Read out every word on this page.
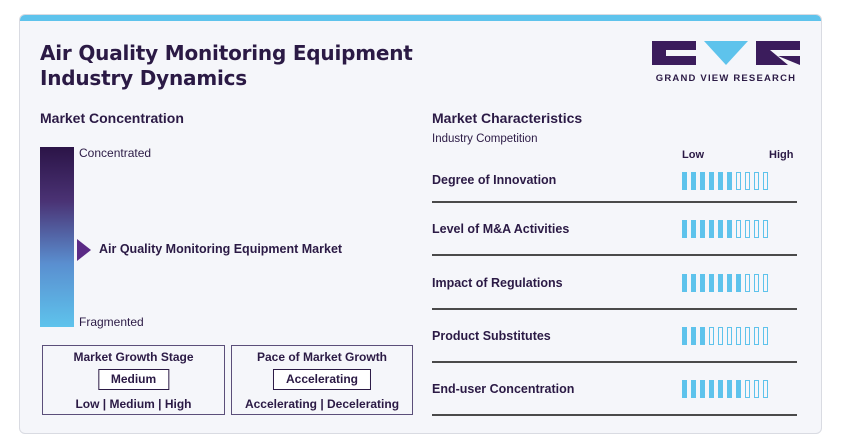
Air Quality Monitoring Equipment Industry Dynamics	GRAND VIEW RESEARCH
Market Concentration
Concentrated
Fragmented
Air Quality Monitoring Equipment Market
Market Growth Stage
Medium
Low | Medium | High
Pace of Market Growth
Accelerating
Accelerating | Decelerating
Market Characteristics
Industry Competition
Low	High
Degree of Innovation
Level of M&A Activities
Impact of Regulations
Product Substitutes
End-user Concentration
